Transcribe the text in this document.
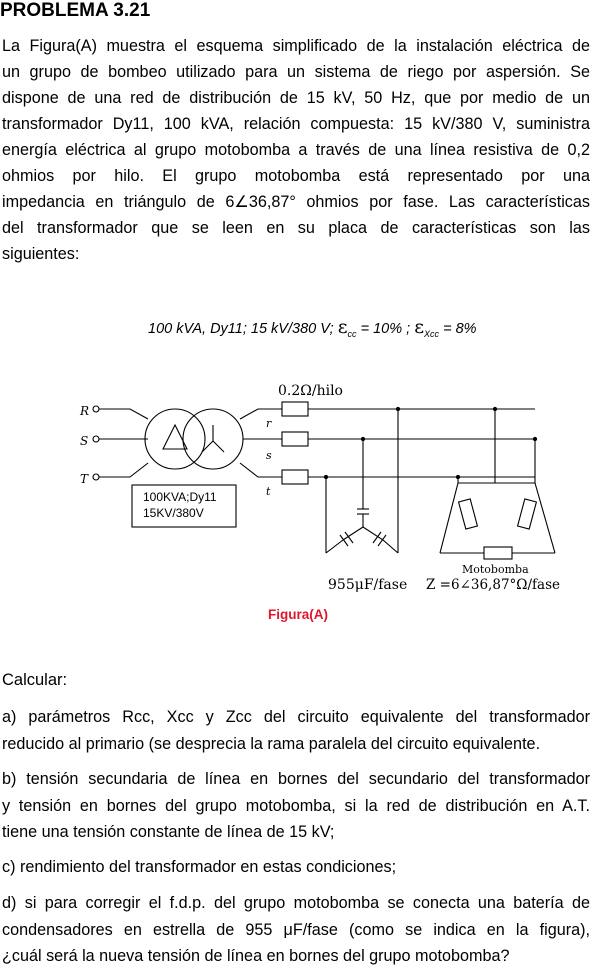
PROBLEMA 3.21
La Figura(A) muestra el esquema simplificado de la instalación eléctrica de
un grupo de bombeo utilizado para un sistema de riego por aspersión. Se
dispone de una red de distribución de 15 kV, 50 Hz, que por medio de un
transformador Dy11, 100 kVA, relación compuesta: 15 kV/380 V, suministra
energía eléctrica al grupo motobomba a través de una línea resistiva de 0,2
ohmios por hilo. El grupo motobomba está representado por una
impedancia en triángulo de 6∠36,87° ohmios por fase. Las características
del transformador que se leen en su placa de características son las
siguientes:
100 kVA, Dy11; 15 kV/380 V; $\varepsilon_{cc} = 10\%$ ; $\varepsilon_{Xcc} = 8\%$
0.2Ω/hilo
R
S
T
r
s
t
100KVA;Dy11
15KV/380V
955μF/fase
Motobomba
Z =6∠36,87°Ω/fase
Figura(A)
Calcular:
a) parámetros Rcc, Xcc y Zcc del circuito equivalente del transformador
reducido al primario (se desprecia la rama paralela del circuito equivalente.
b) tensión secundaria de línea en bornes del secundario del transformador
y tensión en bornes del grupo motobomba, si la red de distribución en A.T.
tiene una tensión constante de línea de 15 kV;
c) rendimiento del transformador en estas condiciones;
d) si para corregir el f.d.p. del grupo motobomba se conecta una batería de
condensadores en estrella de 955 μF/fase (como se indica en la figura),
¿cuál será la nueva tensión de línea en bornes del grupo motobomba?
